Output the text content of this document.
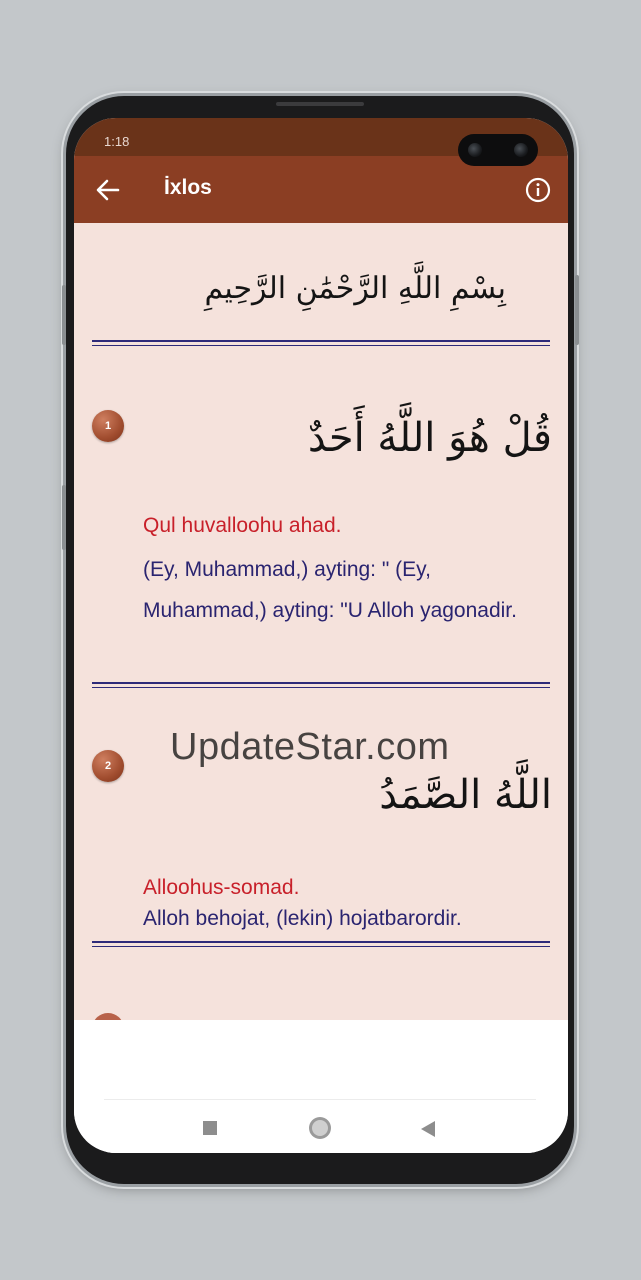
1:18
İxlos
بِسْمِ اللَّهِ الرَّحْمَٰنِ الرَّحِيمِ
1	قُلْ هُوَ اللَّهُ أَحَدٌ
Qul huvalloohu ahad.
(Ey, Muhammad,) ayting: " (Ey, Muhammad,) ayting: "U Alloh yagonadir.
2
اللَّهُ الصَّمَدُ
Alloohus-somad.
Alloh behojat, (lekin) hojatbarordir.
UpdateStar.com
